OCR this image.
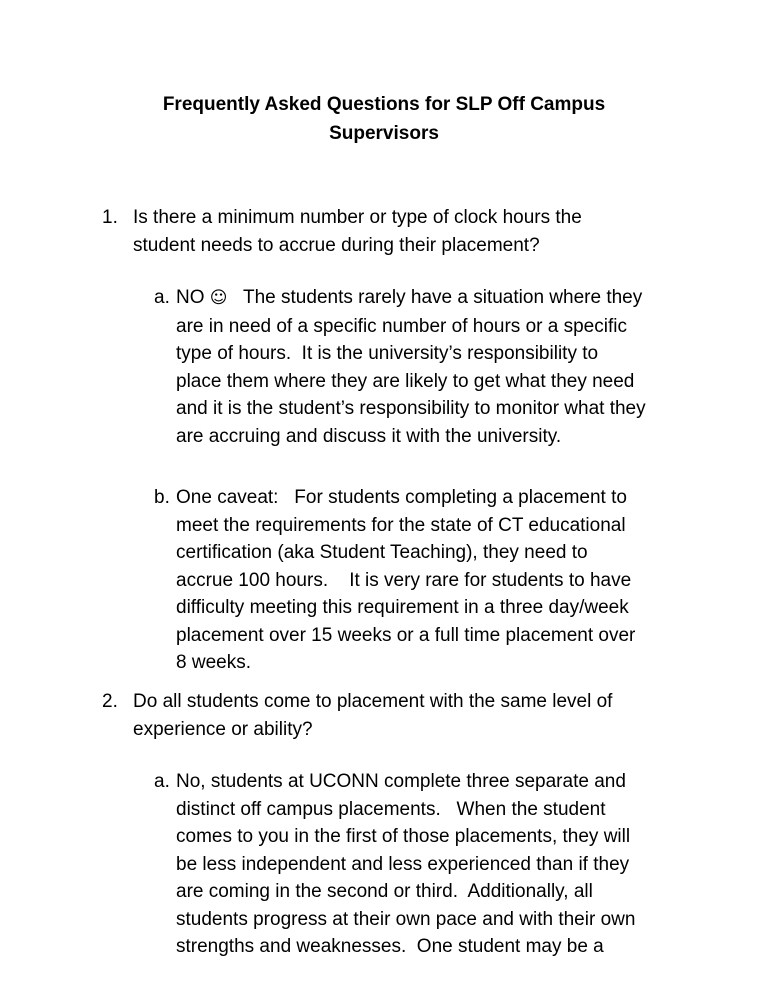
Frequently Asked Questions for SLP Off Campus
Supervisors
1. Is there a minimum number or type of clock hours the
student needs to accrue during their placement?
a. NO ☺   The students rarely have a situation where they
are in need of a specific number of hours or a specific
type of hours.  It is the university’s responsibility to
place them where they are likely to get what they need
and it is the student’s responsibility to monitor what they
are accruing and discuss it with the university.
b. One caveat:   For students completing a placement to
meet the requirements for the state of CT educational
certification (aka Student Teaching), they need to
accrue 100 hours.    It is very rare for students to have
difficulty meeting this requirement in a three day/week
placement over 15 weeks or a full time placement over
8 weeks.
2. Do all students come to placement with the same level of
experience or ability?
a. No, students at UCONN complete three separate and
distinct off campus placements.   When the student
comes to you in the first of those placements, they will
be less independent and less experienced than if they
are coming in the second or third.  Additionally, all
students progress at their own pace and with their own
strengths and weaknesses.  One student may be a
